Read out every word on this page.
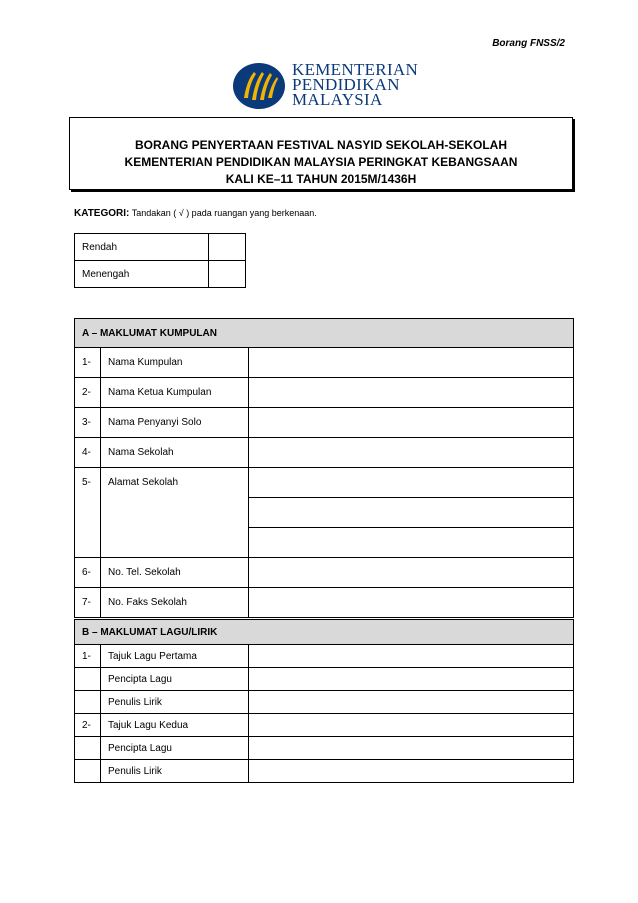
Borang FNSS/2
KEMENTERIAN
PENDIDIKAN
MALAYSIA
BORANG PENYERTAAN FESTIVAL NASYID SEKOLAH-SEKOLAH
KEMENTERIAN PENDIDIKAN MALAYSIA PERINGKAT KEBANGSAAN
KALI KE–11 TAHUN 2015M/1436H
KATEGORI: Tandakan ( √ ) pada ruangan yang berkenaan.
Rendah	
Menengah	
A – MAKLUMAT KUMPULAN		
1-	Nama Kumpulan	
2-	Nama Ketua Kumpulan	
3-	Nama Penyanyi Solo	
4-	Nama Sekolah	
5-	Alamat Sekolah	

6-	No. Tel. Sekolah	
7-	No. Faks Sekolah	
B – MAKLUMAT LAGU/LIRIK		
1-	Tajuk Lagu Pertama	
	Pencipta Lagu	
	Penulis Lirik	
2-	Tajuk Lagu Kedua	
	Pencipta Lagu	
	Penulis Lirik	
